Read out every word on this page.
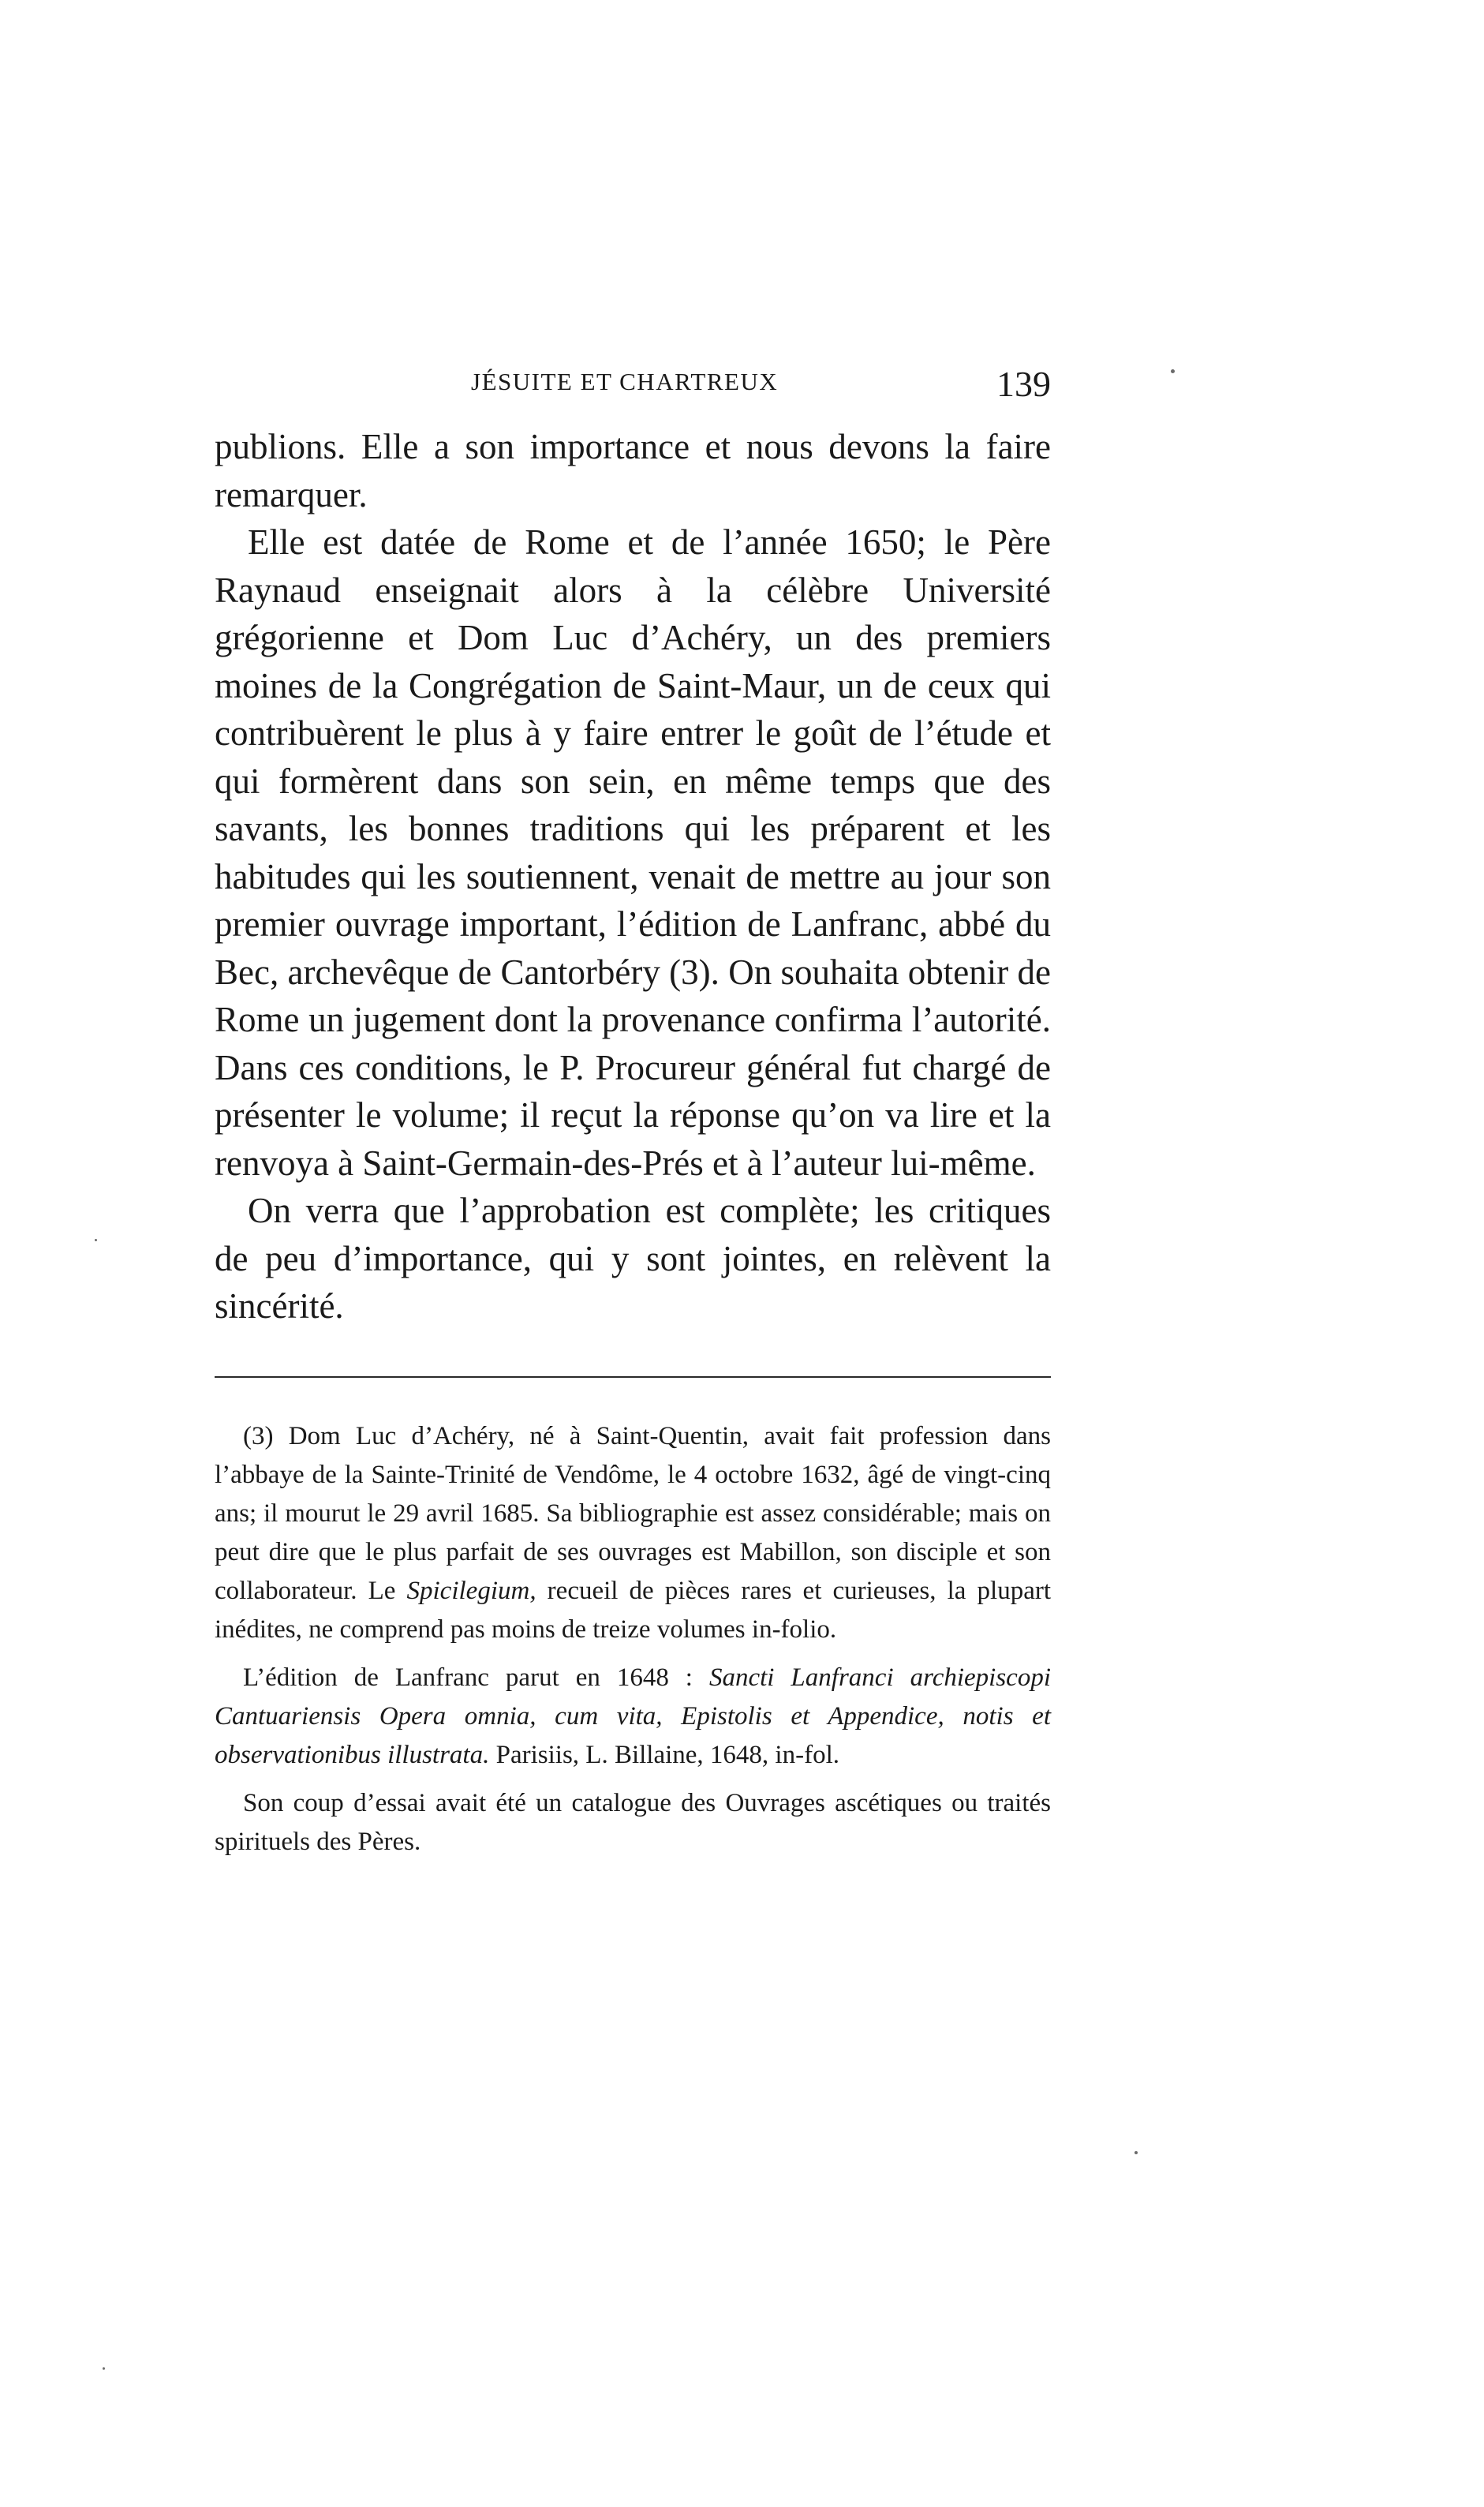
JÉSUITE ET CHARTREUX	139

publions. Elle a son importance et nous devons la faire remarquer.

Elle est datée de Rome et de l’année 1650; le Père Raynaud enseignait alors à la célèbre Université grégorienne et Dom Luc d’Achéry, un des premiers moines de la Congrégation de Saint-Maur, un de ceux qui contribuèrent le plus à y faire entrer le goût de l’étude et qui formèrent dans son sein, en même temps que des savants, les bonnes traditions qui les préparent et les habitudes qui les soutiennent, venait de mettre au jour son premier ouvrage important, l’édition de Lanfranc, abbé du Bec, archevêque de Cantorbéry (3). On souhaita obtenir de Rome un jugement dont la provenance confirma l’autorité. Dans ces conditions, le P. Procureur général fut chargé de présenter le volume; il reçut la réponse qu’on va lire et la renvoya à Saint-Germain-des-Prés et à l’auteur lui-même.

On verra que l’approbation est complète; les critiques de peu d’importance, qui y sont jointes, en relèvent la sincérité.

(3) Dom Luc d’Achéry, né à Saint-Quentin, avait fait profession dans l’abbaye de la Sainte-Trinité de Vendôme, le 4 octobre 1632, âgé de vingt-cinq ans; il mourut le 29 avril 1685. Sa bibliographie est assez considérable; mais on peut dire que le plus parfait de ses ouvrages est Mabillon, son disciple et son collaborateur. Le Spicilegium, recueil de pièces rares et curieuses, la plupart inédites, ne comprend pas moins de treize volumes in-folio.

L’édition de Lanfranc parut en 1648 : Sancti Lanfranci archiepiscopi Cantuariensis Opera omnia, cum vita, Epistolis et Appendice, notis et observationibus illustrata. Parisiis, L. Billaine, 1648, in-fol.

Son coup d’essai avait été un catalogue des Ouvrages ascétiques ou traités spirituels des Pères.
